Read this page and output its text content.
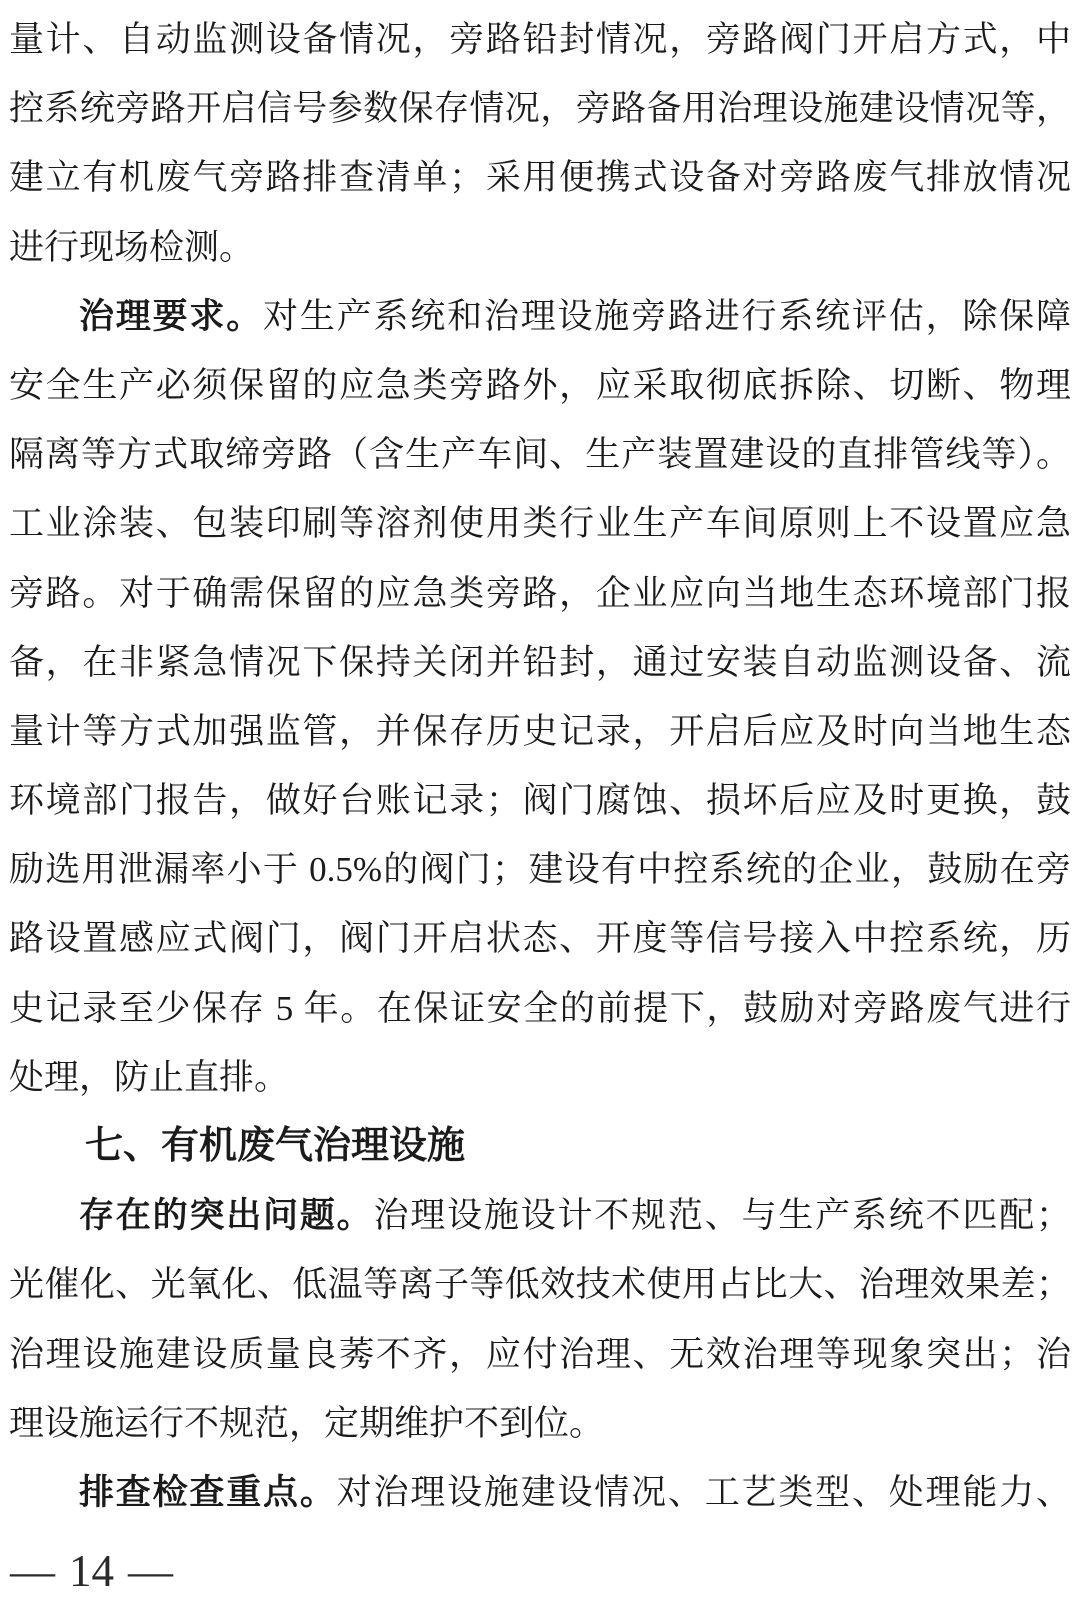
量计、自动监测设备情况，旁路铅封情况，旁路阀门开启方式，中
控系统旁路开启信号参数保存情况，旁路备用治理设施建设情况等，
建立有机废气旁路排查清单；采用便携式设备对旁路废气排放情况
进行现场检测。
治理要求。对生产系统和治理设施旁路进行系统评估，除保障
安全生产必须保留的应急类旁路外，应采取彻底拆除、切断、物理
隔离等方式取缔旁路（含生产车间、生产装置建设的直排管线等）。
工业涂装、包装印刷等溶剂使用类行业生产车间原则上不设置应急
旁路。对于确需保留的应急类旁路，企业应向当地生态环境部门报
备，在非紧急情况下保持关闭并铅封，通过安装自动监测设备、流
量计等方式加强监管，并保存历史记录，开启后应及时向当地生态
环境部门报告，做好台账记录；阀门腐蚀、损坏后应及时更换，鼓
励选用泄漏率小于 0.5%的阀门；建设有中控系统的企业，鼓励在旁
路设置感应式阀门，阀门开启状态、开度等信号接入中控系统，历
史记录至少保存 5 年。在保证安全的前提下，鼓励对旁路废气进行
处理，防止直排。
七、有机废气治理设施
存在的突出问题。治理设施设计不规范、与生产系统不匹配；
光催化、光氧化、低温等离子等低效技术使用占比大、治理效果差；
治理设施建设质量良莠不齐，应付治理、无效治理等现象突出；治
理设施运行不规范，定期维护不到位。
排查检查重点。对治理设施建设情况、工艺类型、处理能力、
— 14 —
